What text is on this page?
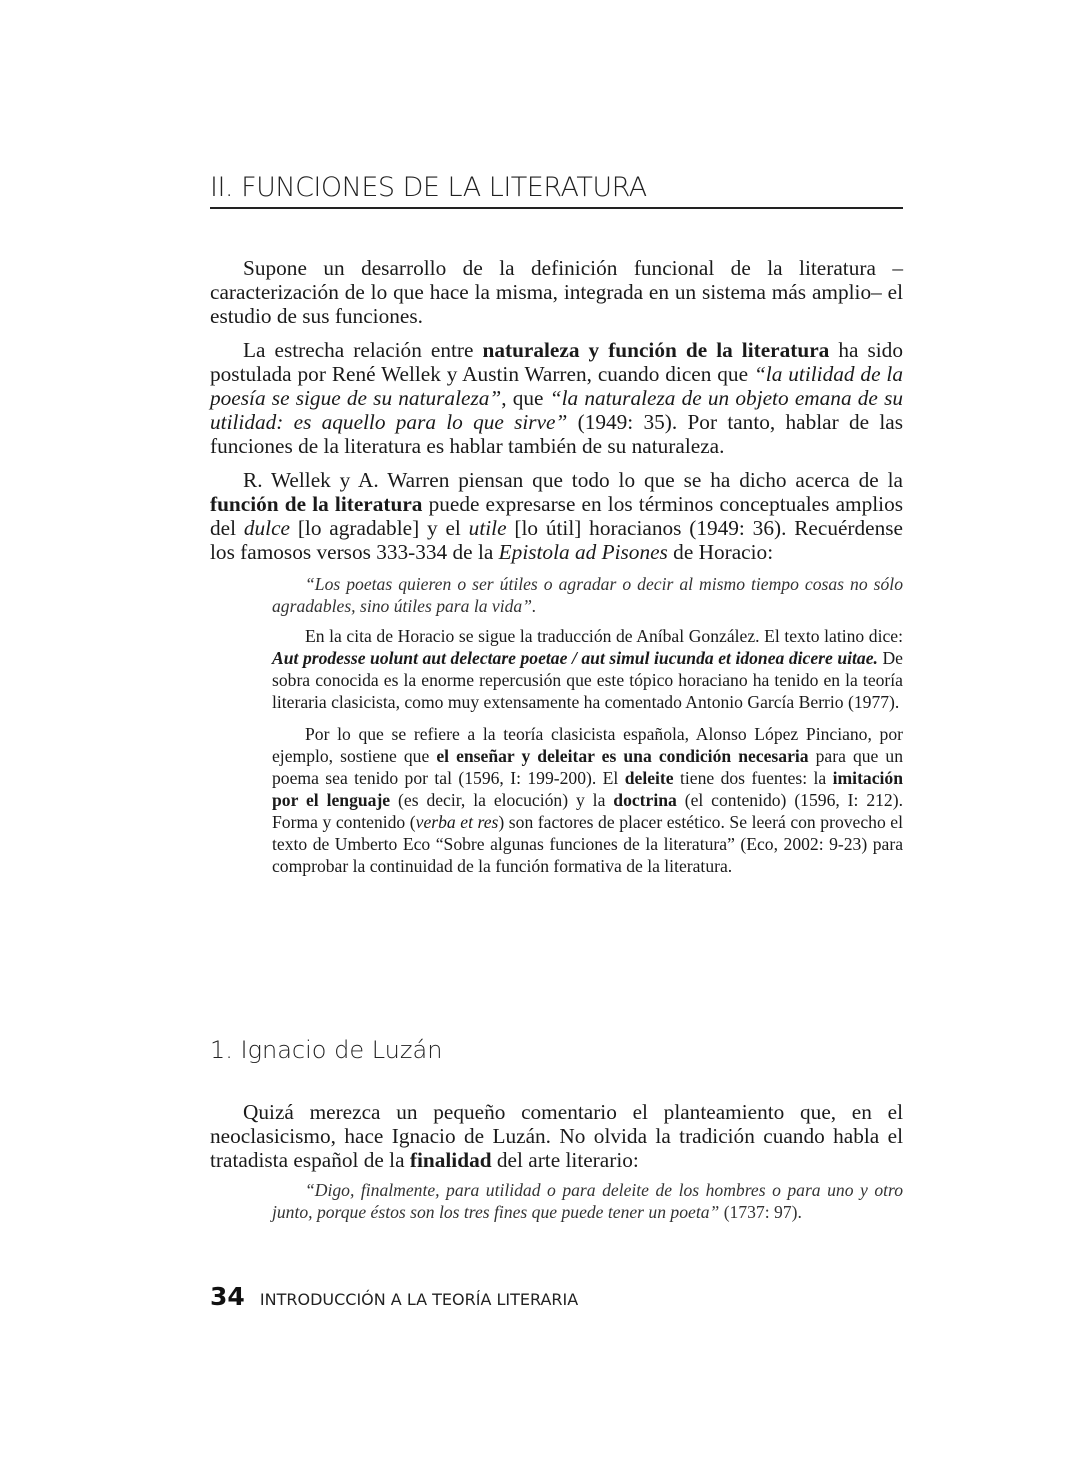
II. FUNCIONES DE LA LITERATURA

Supone un desarrollo de la definición funcional de la literatura –caracterización de lo que hace la misma, integrada en un sistema más amplio– el estudio de sus funciones.

La estrecha relación entre naturaleza y función de la literatura ha sido postulada por René Wellek y Austin Warren, cuando dicen que “la utilidad de la poesía se sigue de su naturaleza”, que “la naturaleza de un objeto emana de su utilidad: es aquello para lo que sirve” (1949: 35). Por tanto, hablar de las funciones de la literatura es hablar también de su naturaleza.

R. Wellek y A. Warren piensan que todo lo que se ha dicho acerca de la función de la literatura puede expresarse en los términos conceptuales amplios del dulce [lo agradable] y el utile [lo útil] horacianos (1949: 36). Recuérdense los famosos versos 333-334 de la Epistola ad Pisones de Horacio:

“Los poetas quieren o ser útiles o agradar o decir al mismo tiempo cosas no sólo agradables, sino útiles para la vida”.

En la cita de Horacio se sigue la traducción de Aníbal González. El texto latino dice: Aut prodesse uolunt aut delectare poetae / aut simul iucunda et idonea dicere uitae. De sobra conocida es la enorme repercusión que este tópico horaciano ha tenido en la teoría literaria clasicista, como muy extensamente ha comentado Antonio García Berrio (1977).

Por lo que se refiere a la teoría clasicista española, Alonso López Pinciano, por ejemplo, sostiene que el enseñar y deleitar es una condición necesaria para que un poema sea tenido por tal (1596, I: 199-200). El deleite tiene dos fuentes: la imitación por el lenguaje (es decir, la elocución) y la doctrina (el contenido) (1596, I: 212). Forma y contenido (verba et res) son factores de placer estético. Se leerá con provecho el texto de Umberto Eco “Sobre algunas funciones de la literatura” (Eco, 2002: 9-23) para comprobar la continuidad de la función formativa de la literatura.

1. Ignacio de Luzán

Quizá merezca un pequeño comentario el planteamiento que, en el neoclasicismo, hace Ignacio de Luzán. No olvida la tradición cuando habla el tratadista español de la finalidad del arte literario:

“Digo, finalmente, para utilidad o para deleite de los hombres o para uno y otro junto, porque éstos son los tres fines que puede tener un poeta” (1737: 97).

34 INTRODUCCIÓN A LA TEORÍA LITERARIA
